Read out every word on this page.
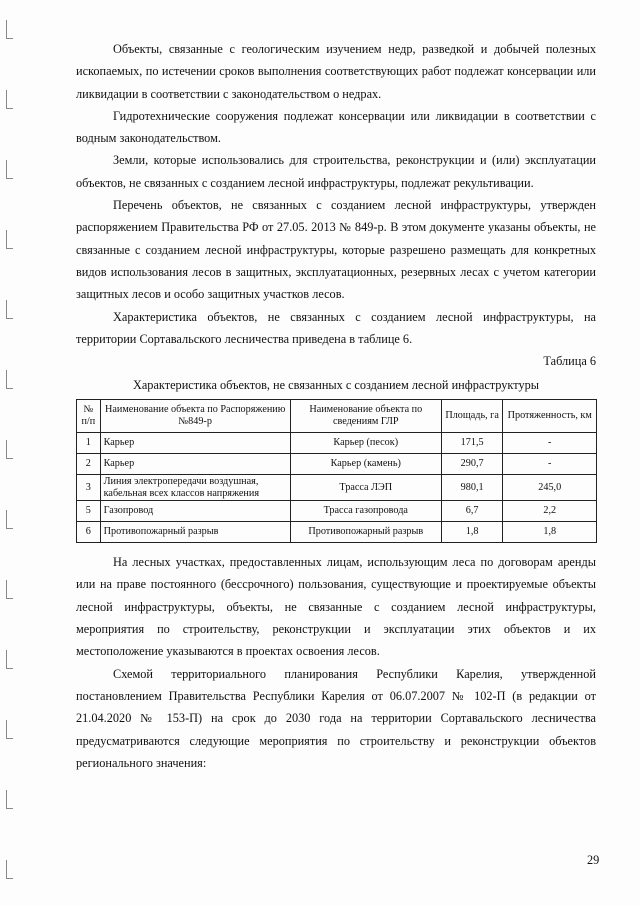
Объекты, связанные с геологическим изучением недр, разведкой и добычей полезных ископаемых, по истечении сроков выполнения соответствующих работ подлежат консервации или ликвидации в соответствии с законодательством о недрах.

Гидротехнические сооружения подлежат консервации или ликвидации в соответствии с водным законодательством.

Земли, которые использовались для строительства, реконструкции и (или) эксплуатации объектов, не связанных с созданием лесной инфраструктуры, подлежат рекультивации.

Перечень объектов, не связанных с созданием лесной инфраструктуры, утвержден распоряжением Правительства РФ от 27.05. 2013 № 849-р. В этом документе указаны объекты, не связанные с созданием лесной инфраструктуры, которые разрешено размещать для конкретных видов использования лесов в защитных, эксплуатационных, резервных лесах с учетом категории защитных лесов и особо защитных участков лесов.

Характеристика объектов, не связанных с созданием лесной инфраструктуры, на территории Сортавальского лесничества приведена в таблице 6.

Таблица 6

Характеристика объектов, не связанных с созданием лесной инфраструктуры

№ п/п	Наименование объекта по Распоряжению №849-р	Наименование объекта по сведениям ГЛР	Площадь, га	Протяженность, км
1	Карьер	Карьер (песок)	171,5	-
2	Карьер	Карьер (камень)	290,7	-
3	Линия электропередачи воздушная, кабельная всех классов напряжения	Трасса ЛЭП	980,1	245,0
5	Газопровод	Трасса газопровода	6,7	2,2
6	Противопожарный разрыв	Противопожарный разрыв	1,8	1,8

На лесных участках, предоставленных лицам, использующим леса по договорам аренды или на праве постоянного (бессрочного) пользования, существующие и проектируемые объекты лесной инфраструктуры, объекты, не связанные с созданием лесной инфраструктуры, мероприятия по строительству, реконструкции и эксплуатации этих объектов и их местоположение указываются в проектах освоения лесов.

Схемой территориального планирования Республики Карелия, утвержденной постановлением Правительства Республики Карелия от 06.07.2007 № 102-П (в редакции от 21.04.2020 № 153-П) на срок до 2030 года на территории Сортавальского лесничества предусматриваются следующие мероприятия по строительству и реконструкции объектов регионального значения:

29
